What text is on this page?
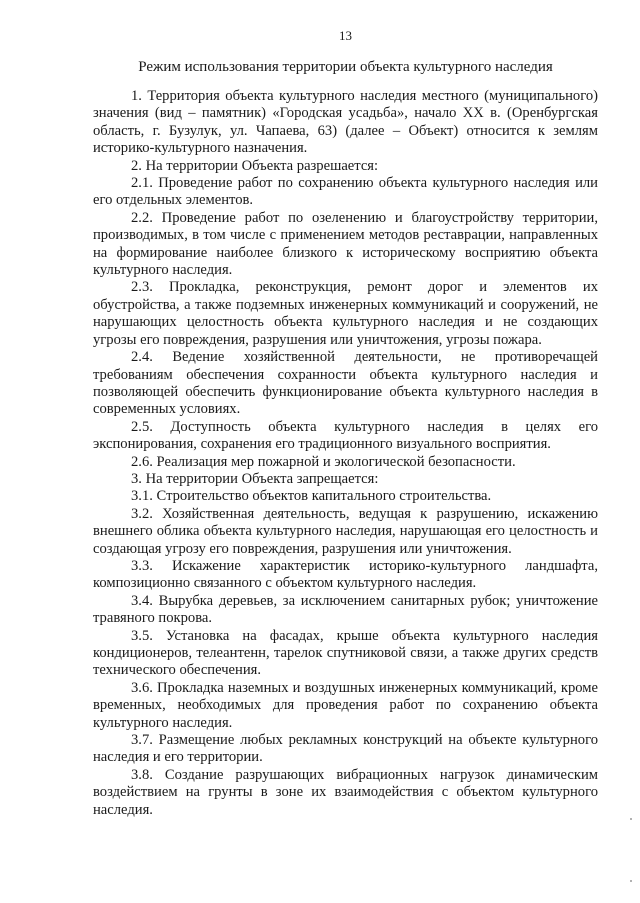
13
Режим использования территории объекта культурного наследия

1. Территория объекта культурного наследия местного (муниципального) значения (вид – памятник) «Городская усадьба», начало XX в. (Оренбургская область, г. Бузулук, ул. Чапаева, 63) (далее – Объект) относится к землям историко-культурного назначения.

2. На территории Объекта разрешается:

2.1. Проведение работ по сохранению объекта культурного наследия или его отдельных элементов.

2.2. Проведение работ по озеленению и благоустройству территории, производимых, в том числе с применением методов реставрации, направленных на формирование наиболее близкого к историческому восприятию объекта культурного наследия.

2.3. Прокладка, реконструкция, ремонт дорог и элементов их обустройства, а также подземных инженерных коммуникаций и сооружений, не нарушающих целостность объекта культурного наследия и не создающих угрозы его повреждения, разрушения или уничтожения, угрозы пожара.

2.4. Ведение хозяйственной деятельности, не противоречащей требованиям обеспечения сохранности объекта культурного наследия и позволяющей обеспечить функционирование объекта культурного наследия в современных условиях.

2.5. Доступность объекта культурного наследия в целях его экспонирования, сохранения его традиционного визуального восприятия.

2.6. Реализация мер пожарной и экологической безопасности.

3. На территории Объекта запрещается:

3.1. Строительство объектов капитального строительства.

3.2. Хозяйственная деятельность, ведущая к разрушению, искажению внешнего облика объекта культурного наследия, нарушающая его целостность и создающая угрозу его повреждения, разрушения или уничтожения.

3.3. Искажение характеристик историко-культурного ландшафта, композиционно связанного с объектом культурного наследия.

3.4. Вырубка деревьев, за исключением санитарных рубок; уничтожение травяного покрова.

3.5. Установка на фасадах, крыше объекта культурного наследия кондиционеров, телеантенн, тарелок спутниковой связи, а также других средств технического обеспечения.

3.6. Прокладка наземных и воздушных инженерных коммуникаций, кроме временных, необходимых для проведения работ по сохранению объекта культурного наследия.

3.7. Размещение любых рекламных конструкций на объекте культурного наследия и его территории.

3.8. Создание разрушающих вибрационных нагрузок динамическим воздействием на грунты в зоне их взаимодействия с объектом культурного наследия.
